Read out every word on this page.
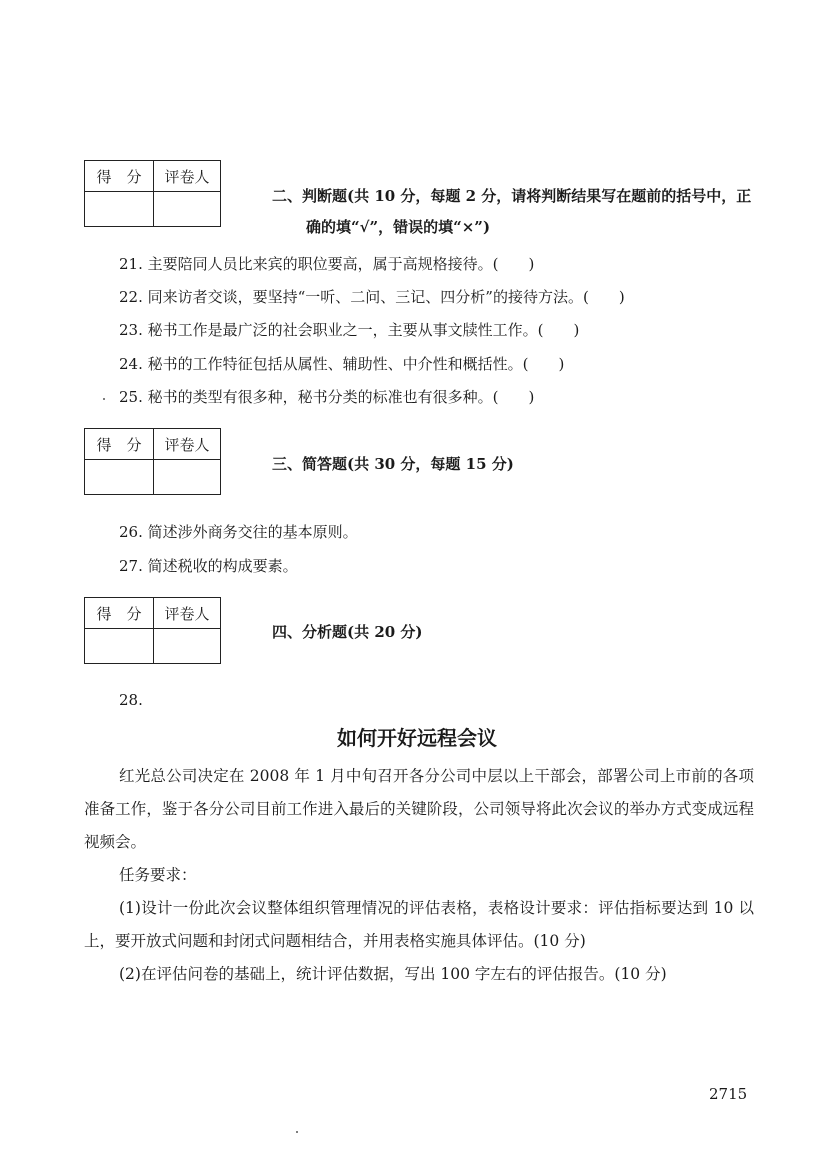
得　分	评卷人

二、判断题(共 10 分，每题 2 分，请将判断结果写在题前的括号中，正
确的填“√”，错误的填“×”)
21. 主要陪同人员比来宾的职位要高，属于高规格接待。(　　)
22. 同来访者交谈，要坚持“一听、二问、三记、四分析”的接待方法。(　　)
23. 秘书工作是最广泛的社会职业之一，主要从事文牍性工作。(　　)
24. 秘书的工作特征包括从属性、辅助性、中介性和概括性。(　　)
25. 秘书的类型有很多种，秘书分类的标准也有很多种。(　　)
得　分	评卷人

三、简答题(共 30 分，每题 15 分)
26. 简述涉外商务交往的基本原则。
27. 简述税收的构成要素。
得　分	评卷人

四、分析题(共 20 分)
28.
如何开好远程会议

红光总公司决定在 2008 年 1 月中旬召开各分公司中层以上干部会，部署公司上市前的各项准备工作，鉴于各分公司目前工作进入最后的关键阶段，公司领导将此次会议的举办方式变成远程视频会。

任务要求：

(1)设计一份此次会议整体组织管理情况的评估表格，表格设计要求：评估指标要达到 10 以上，要开放式问题和封闭式问题相结合，并用表格实施具体评估。(10 分)

(2)在评估问卷的基础上，统计评估数据，写出 100 字左右的评估报告。(10 分)

2715
